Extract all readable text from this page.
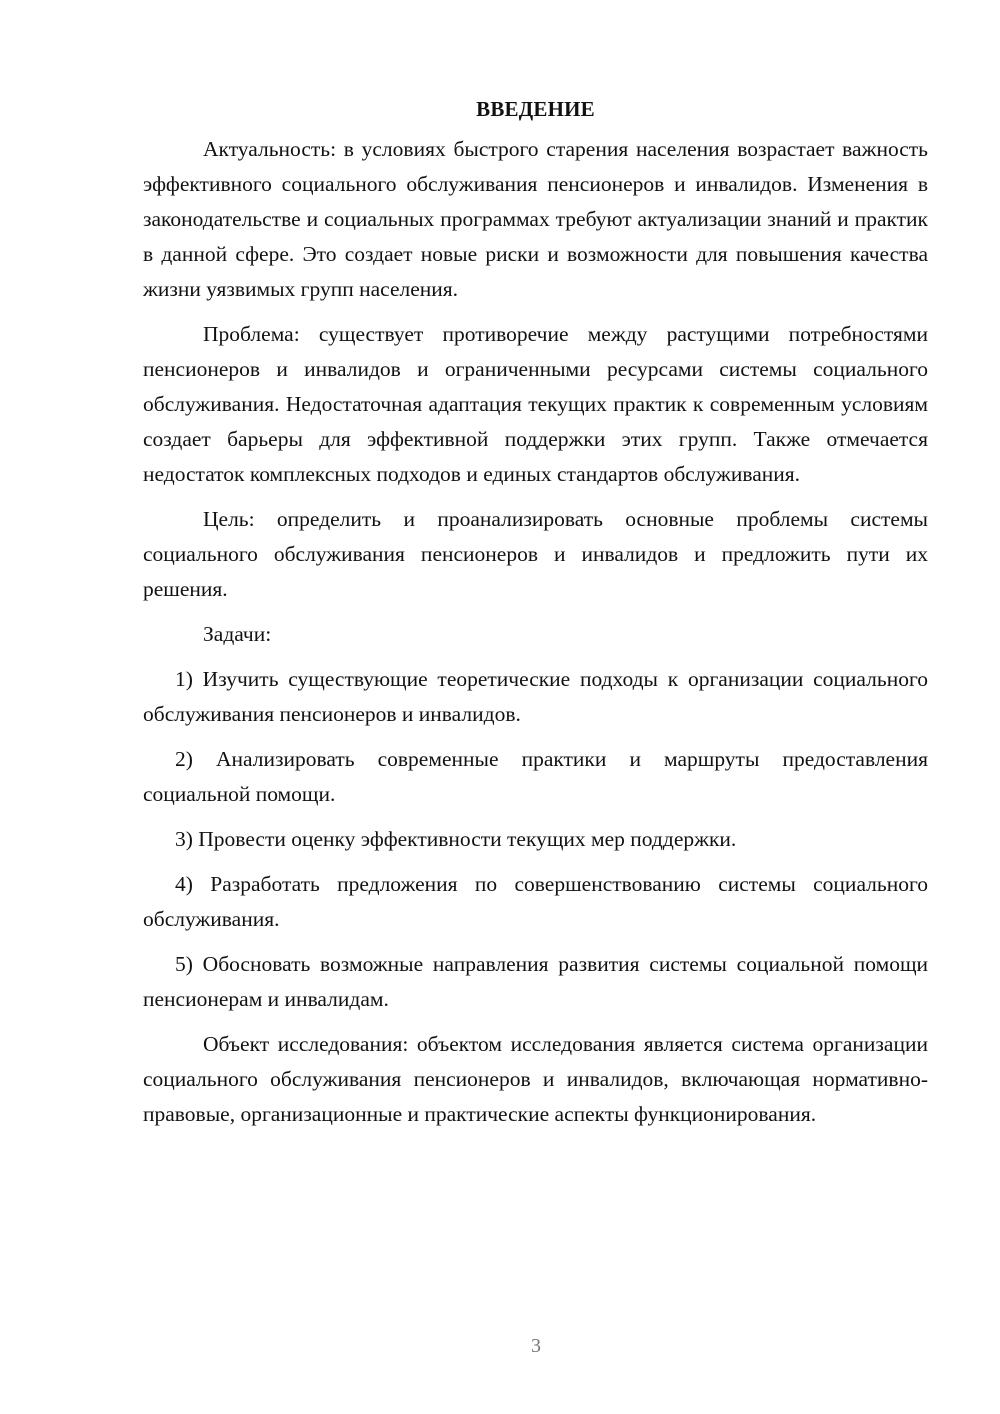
ВВЕДЕНИЕ

Актуальность: в условиях быстрого старения населения возрастает важность эффективного социального обслуживания пенсионеров и инвалидов. Изменения в законодательстве и социальных программах требуют актуализации знаний и практик в данной сфере. Это создает новые риски и возможности для повышения качества жизни уязвимых групп населения.

Проблема: существует противоречие между растущими потребностями пенсионеров и инвалидов и ограниченными ресурсами системы социального обслуживания. Недостаточная адаптация текущих практик к современным условиям создает барьеры для эффективной поддержки этих групп. Также отмечается недостаток комплексных подходов и единых стандартов обслуживания.

Цель: определить и проанализировать основные проблемы системы социального обслуживания пенсионеров и инвалидов и предложить пути их решения.

Задачи:

1) Изучить существующие теоретические подходы к организации социального обслуживания пенсионеров и инвалидов.

2) Анализировать современные практики и маршруты предоставления социальной помощи.

3) Провести оценку эффективности текущих мер поддержки.

4) Разработать предложения по совершенствованию системы социального обслуживания.

5) Обосновать возможные направления развития системы социальной помощи пенсионерам и инвалидам.

Объект исследования: объектом исследования является система организации социального обслуживания пенсионеров и инвалидов, включающая нормативно-правовые, организационные и практические аспекты функционирования.

3
